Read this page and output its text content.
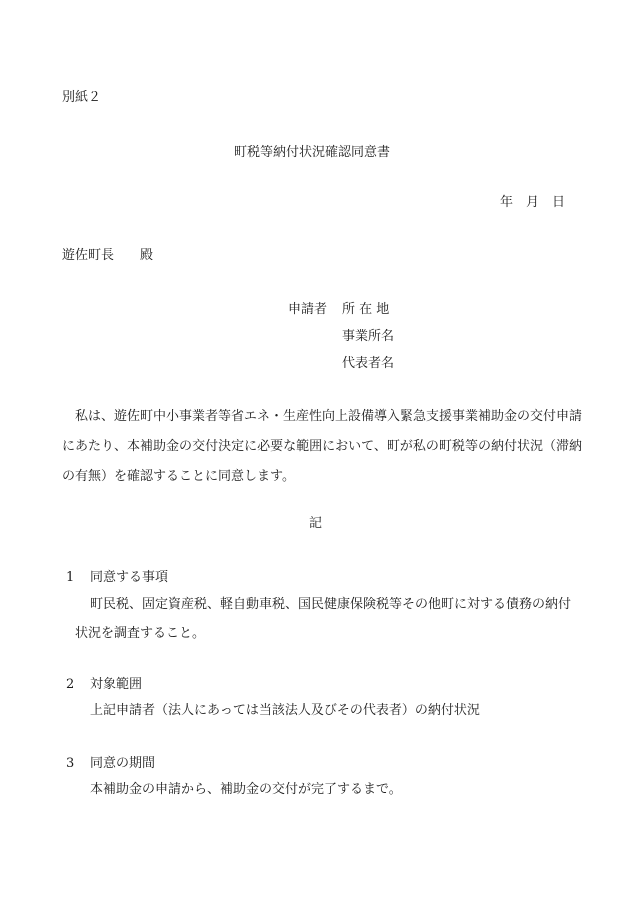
別紙２
町税等納付状況確認同意書
年　月　日
遊佐町長　　殿
申請者 所 在 地
事業所名
代表者名
私は、遊佐町中小事業者等省エネ・生産性向上設備導入緊急支援事業補助金の交付申請にあたり、本補助金の交付決定に必要な範囲において、町が私の町税等の納付状況（滞納の有無）を確認することに同意します。
記
1 同意する事項
町民税、固定資産税、軽自動車税、国民健康保険税等その他町に対する債務の納付状況を調査すること。
2 対象範囲
上記申請者（法人にあっては当該法人及びその代表者）の納付状況
3 同意の期間
本補助金の申請から、補助金の交付が完了するまで。
